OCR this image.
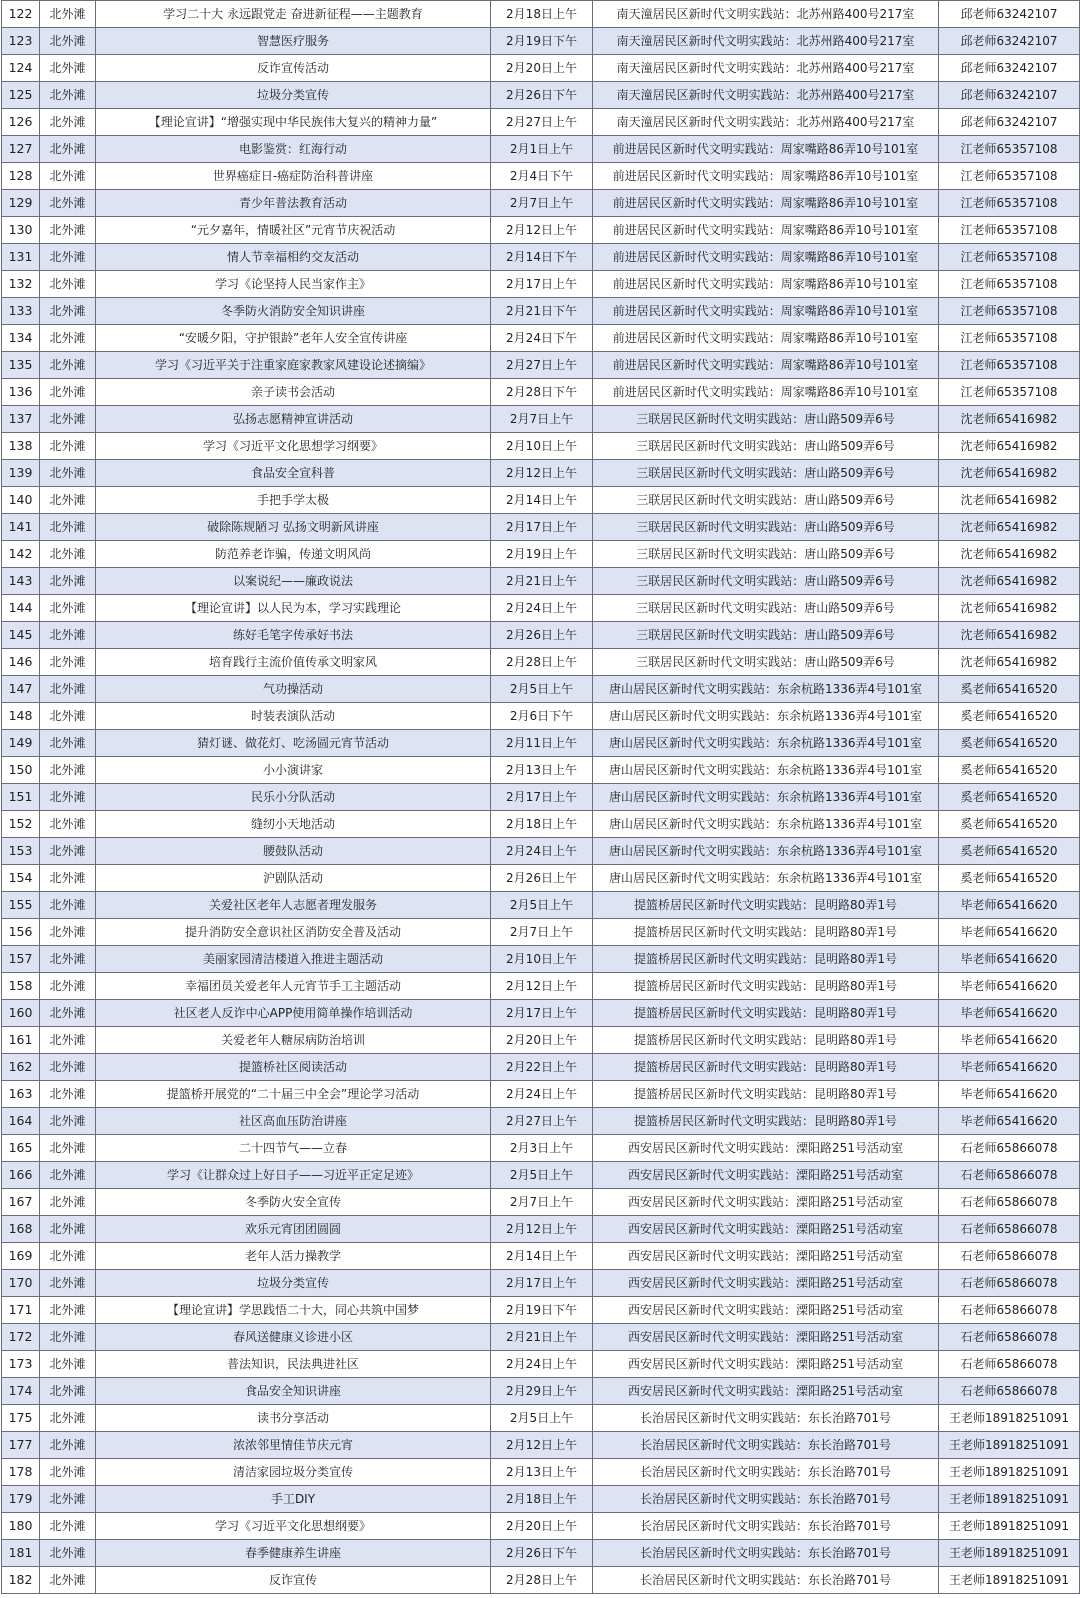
122	北外滩	学习二十大 永远跟党走 奋进新征程——主题教育	2月18日上午	南天潼居民区新时代文明实践站：北苏州路400号217室	邱老师63242107
123	北外滩	智慧医疗服务	2月19日下午	南天潼居民区新时代文明实践站：北苏州路400号217室	邱老师63242107
124	北外滩	反诈宣传活动	2月20日上午	南天潼居民区新时代文明实践站：北苏州路400号217室	邱老师63242107
125	北外滩	垃圾分类宣传	2月26日下午	南天潼居民区新时代文明实践站：北苏州路400号217室	邱老师63242107
126	北外滩	【理论宣讲】“增强实现中华民族伟大复兴的精神力量”	2月27日上午	南天潼居民区新时代文明实践站：北苏州路400号217室	邱老师63242107
127	北外滩	电影鉴赏：红海行动	2月1日上午	前进居民区新时代文明实践站：周家嘴路86弄10号101室	江老师65357108
128	北外滩	世界癌症日-癌症防治科普讲座	2月4日下午	前进居民区新时代文明实践站：周家嘴路86弄10号101室	江老师65357108
129	北外滩	青少年普法教育活动	2月7日上午	前进居民区新时代文明实践站：周家嘴路86弄10号101室	江老师65357108
130	北外滩	“元夕嘉年，情暖社区”元宵节庆祝活动	2月12日上午	前进居民区新时代文明实践站：周家嘴路86弄10号101室	江老师65357108
131	北外滩	情人节幸福相约交友活动	2月14日下午	前进居民区新时代文明实践站：周家嘴路86弄10号101室	江老师65357108
132	北外滩	学习《论坚持人民当家作主》	2月17日上午	前进居民区新时代文明实践站：周家嘴路86弄10号101室	江老师65357108
133	北外滩	冬季防火消防安全知识讲座	2月21日下午	前进居民区新时代文明实践站：周家嘴路86弄10号101室	江老师65357108
134	北外滩	“安暖夕阳，守护银龄”老年人安全宣传讲座	2月24日下午	前进居民区新时代文明实践站：周家嘴路86弄10号101室	江老师65357108
135	北外滩	学习《习近平关于注重家庭家教家风建设论述摘编》	2月27日上午	前进居民区新时代文明实践站：周家嘴路86弄10号101室	江老师65357108
136	北外滩	亲子读书会活动	2月28日下午	前进居民区新时代文明实践站：周家嘴路86弄10号101室	江老师65357108
137	北外滩	弘扬志愿精神宣讲活动	2月7日上午	三联居民区新时代文明实践站：唐山路509弄6号	沈老师65416982
138	北外滩	学习《习近平文化思想学习纲要》	2月10日上午	三联居民区新时代文明实践站：唐山路509弄6号	沈老师65416982
139	北外滩	食品安全宣科普	2月12日上午	三联居民区新时代文明实践站：唐山路509弄6号	沈老师65416982
140	北外滩	手把手学太极	2月14日上午	三联居民区新时代文明实践站：唐山路509弄6号	沈老师65416982
141	北外滩	破除陈规陋习 弘扬文明新风讲座	2月17日上午	三联居民区新时代文明实践站：唐山路509弄6号	沈老师65416982
142	北外滩	防范养老诈骗，传递文明风尚	2月19日上午	三联居民区新时代文明实践站：唐山路509弄6号	沈老师65416982
143	北外滩	以案说纪——廉政说法	2月21日上午	三联居民区新时代文明实践站：唐山路509弄6号	沈老师65416982
144	北外滩	【理论宣讲】以人民为本，学习实践理论	2月24日上午	三联居民区新时代文明实践站：唐山路509弄6号	沈老师65416982
145	北外滩	练好毛笔字传承好书法	2月26日上午	三联居民区新时代文明实践站：唐山路509弄6号	沈老师65416982
146	北外滩	培育践行主流价值传承文明家风	2月28日上午	三联居民区新时代文明实践站：唐山路509弄6号	沈老师65416982
147	北外滩	气功操活动	2月5日上午	唐山居民区新时代文明实践站：东余杭路1336弄4号101室	奚老师65416520
148	北外滩	时装表演队活动	2月6日下午	唐山居民区新时代文明实践站：东余杭路1336弄4号101室	奚老师65416520
149	北外滩	猜灯谜、做花灯、吃汤圆元宵节活动	2月11日上午	唐山居民区新时代文明实践站：东余杭路1336弄4号101室	奚老师65416520
150	北外滩	小小演讲家	2月13日上午	唐山居民区新时代文明实践站：东余杭路1336弄4号101室	奚老师65416520
151	北外滩	民乐小分队活动	2月17日上午	唐山居民区新时代文明实践站：东余杭路1336弄4号101室	奚老师65416520
152	北外滩	缝纫小天地活动	2月18日上午	唐山居民区新时代文明实践站：东余杭路1336弄4号101室	奚老师65416520
153	北外滩	腰鼓队活动	2月24日上午	唐山居民区新时代文明实践站：东余杭路1336弄4号101室	奚老师65416520
154	北外滩	沪剧队活动	2月26日上午	唐山居民区新时代文明实践站：东余杭路1336弄4号101室	奚老师65416520
155	北外滩	关爱社区老年人志愿者理发服务	2月5日上午	提篮桥居民区新时代文明实践站：昆明路80弄1号	毕老师65416620
156	北外滩	提升消防安全意识社区消防安全普及活动	2月7日上午	提篮桥居民区新时代文明实践站：昆明路80弄1号	毕老师65416620
157	北外滩	美丽家园清洁楼道入推进主题活动	2月10日上午	提篮桥居民区新时代文明实践站：昆明路80弄1号	毕老师65416620
158	北外滩	幸福团员关爱老年人元宵节手工主题活动	2月12日上午	提篮桥居民区新时代文明实践站：昆明路80弄1号	毕老师65416620
160	北外滩	社区老人反诈中心APP使用简单操作培训活动	2月17日上午	提篮桥居民区新时代文明实践站：昆明路80弄1号	毕老师65416620
161	北外滩	关爱老年人糖尿病防治培训	2月20日上午	提篮桥居民区新时代文明实践站：昆明路80弄1号	毕老师65416620
162	北外滩	提篮桥社区阅读活动	2月22日上午	提篮桥居民区新时代文明实践站：昆明路80弄1号	毕老师65416620
163	北外滩	提篮桥开展党的“二十届三中全会”理论学习活动	2月24日上午	提篮桥居民区新时代文明实践站：昆明路80弄1号	毕老师65416620
164	北外滩	社区高血压防治讲座	2月27日上午	提篮桥居民区新时代文明实践站：昆明路80弄1号	毕老师65416620
165	北外滩	二十四节气——立春	2月3日上午	西安居民区新时代文明实践站：溧阳路251号活动室	石老师65866078
166	北外滩	学习《让群众过上好日子——习近平正定足迹》	2月5日上午	西安居民区新时代文明实践站：溧阳路251号活动室	石老师65866078
167	北外滩	冬季防火安全宣传	2月7日上午	西安居民区新时代文明实践站：溧阳路251号活动室	石老师65866078
168	北外滩	欢乐元宵团团圆圆	2月12日上午	西安居民区新时代文明实践站：溧阳路251号活动室	石老师65866078
169	北外滩	老年人活力操教学	2月14日上午	西安居民区新时代文明实践站：溧阳路251号活动室	石老师65866078
170	北外滩	垃圾分类宣传	2月17日上午	西安居民区新时代文明实践站：溧阳路251号活动室	石老师65866078
171	北外滩	【理论宣讲】学思践悟二十大，同心共筑中国梦	2月19日下午	西安居民区新时代文明实践站：溧阳路251号活动室	石老师65866078
172	北外滩	春风送健康义诊进小区	2月21日上午	西安居民区新时代文明实践站：溧阳路251号活动室	石老师65866078
173	北外滩	普法知识，民法典进社区	2月24日上午	西安居民区新时代文明实践站：溧阳路251号活动室	石老师65866078
174	北外滩	食品安全知识讲座	2月29日上午	西安居民区新时代文明实践站：溧阳路251号活动室	石老师65866078
175	北外滩	读书分享活动	2月5日上午	长治居民区新时代文明实践站：东长治路701号	王老师18918251091
177	北外滩	浓浓邻里情佳节庆元宵	2月12日上午	长治居民区新时代文明实践站：东长治路701号	王老师18918251091
178	北外滩	清洁家园垃圾分类宣传	2月13日上午	长治居民区新时代文明实践站：东长治路701号	王老师18918251091
179	北外滩	手工DIY	2月18日上午	长治居民区新时代文明实践站：东长治路701号	王老师18918251091
180	北外滩	学习《习近平文化思想纲要》	2月20日上午	长治居民区新时代文明实践站：东长治路701号	王老师18918251091
181	北外滩	春季健康养生讲座	2月26日下午	长治居民区新时代文明实践站：东长治路701号	王老师18918251091
182	北外滩	反诈宣传	2月28日上午	长治居民区新时代文明实践站：东长治路701号	王老师18918251091
